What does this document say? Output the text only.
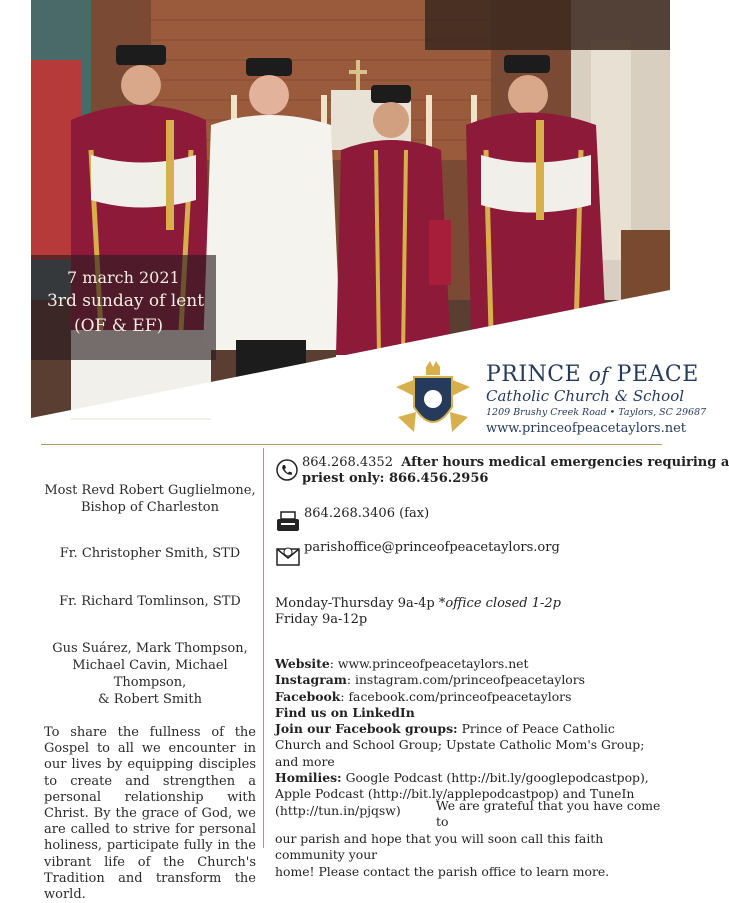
7 march 2021
3rd sunday of lent
(OF & EF)
PRINCE of PEACE
Catholic Church & School
1209 Brushy Creek Road • Taylors, SC 29687
www.princeofpeacetaylors.net
Most Revd Robert Guglielmone,
Bishop of Charleston
Fr. Christopher Smith, STD
Fr. Richard Tomlinson, STD
Gus Suárez, Mark Thompson,
Michael Cavin, Michael Thompson,
& Robert Smith
To share the fullness of the Gospel to all we encounter in our lives by equipping disciples to create and strengthen a personal relationship with Christ. By the grace of God, we are called to strive for personal holiness, participate fully in the vibrant life of the Church's Tradition and transform the world.
864.268.4352 After hours medical emergencies requiring a
priest only: 866.456.2956
864.268.3406 (fax)
parishoffice@princeofpeacetaylors.org
Monday-Thursday 9a-4p *office closed 1-2p
Friday 9a-12p
Website: www.princeofpeacetaylors.net
Instagram: instagram.com/princeofpeacetaylors
Facebook: facebook.com/princeofpeacetaylors
Find us on LinkedIn
Join our Facebook groups: Prince of Peace Catholic Church and School Group; Upstate Catholic Mom's Group; and more
Homilies: Google Podcast (http://bit.ly/googlepodcastpop), Apple Podcast (http://bit.ly/applepodcastpop) and TuneIn (http://tun.in/pjqsw)	We are grateful that you have come to
our parish and hope that you will soon call this faith community your
home! Please contact the parish office to learn more.
